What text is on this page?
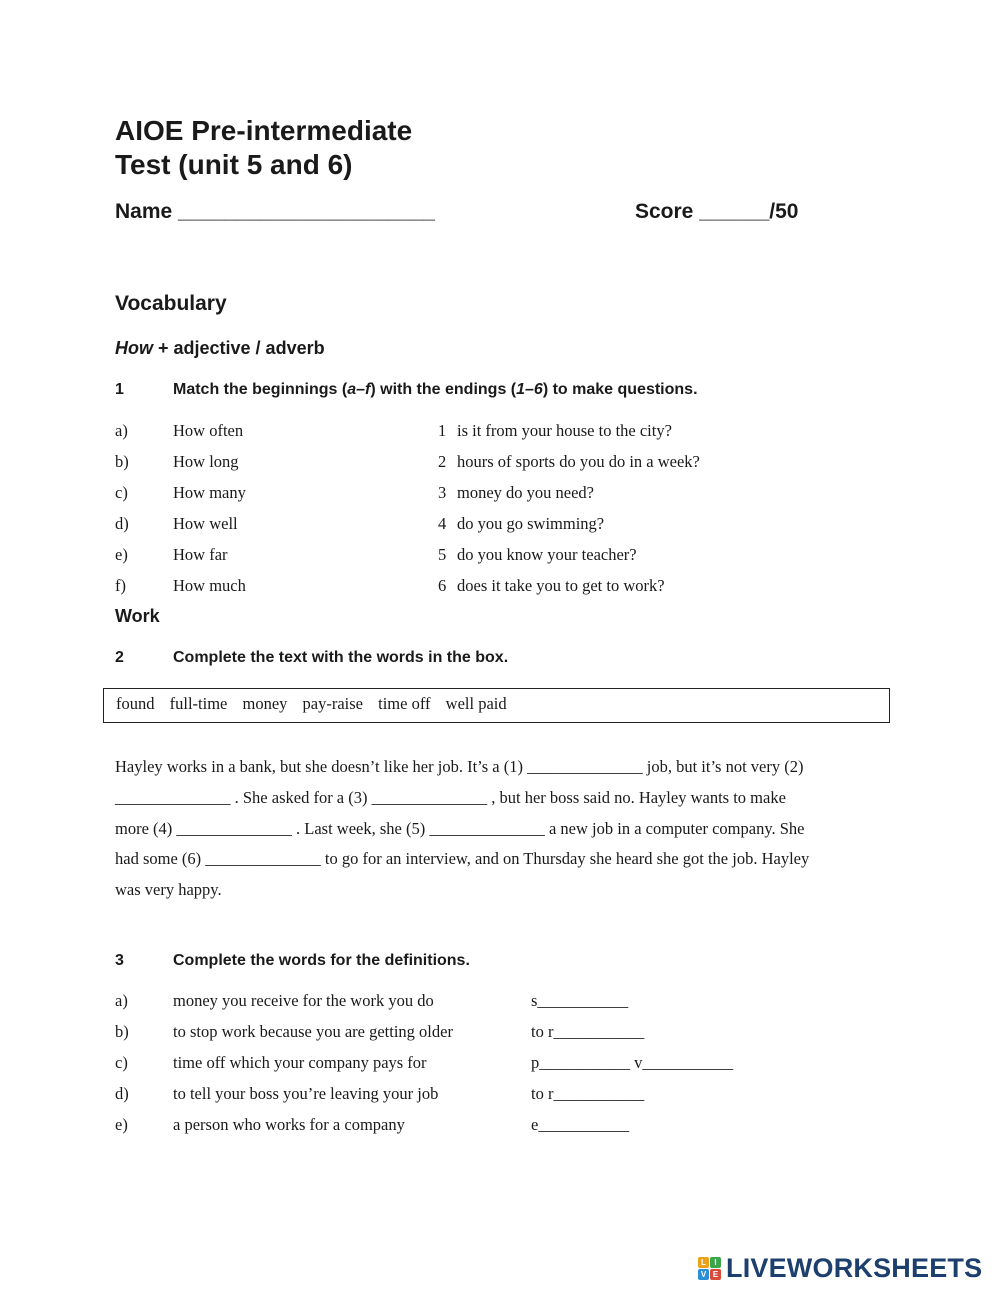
AIOE Pre-intermediate
Test (unit 5 and 6)
Name ______________________	Score ______/50
Vocabulary
How + adjective / adverb
1	Match the beginnings (a–f) with the endings (1–6) to make questions.
a)	How often	1 is it from your house to the city?
b)	How long	2 hours of sports do you do in a week?
c)	How many	3 money do you need?
d)	How well	4 do you go swimming?
e)	How far	5 do you know your teacher?
f)	How much	6 does it take you to get to work?
Work
2	Complete the text with the words in the box.
found full-time money pay-raise time off well paid
Hayley works in a bank, but she doesn’t like her job. It’s a (1) ______________ job, but it’s not very (2)
______________ . She asked for a (3) ______________ , but her boss said no. Hayley wants to make
more (4) ______________ . Last week, she (5) ______________ a new job in a computer company. She
had some (6) ______________ to go for an interview, and on Thursday she heard she got the job. Hayley
was very happy.
3	Complete the words for the definitions.
a)	money you receive for the work you do	s___________
b)	to stop work because you are getting older	to r___________
c)	time off which your company pays for	p___________ v___________
d)	to tell your boss you’re leaving your job	to r___________
e)	a person who works for a company	e___________
L	I
V E LIVEWORKSHEETS
